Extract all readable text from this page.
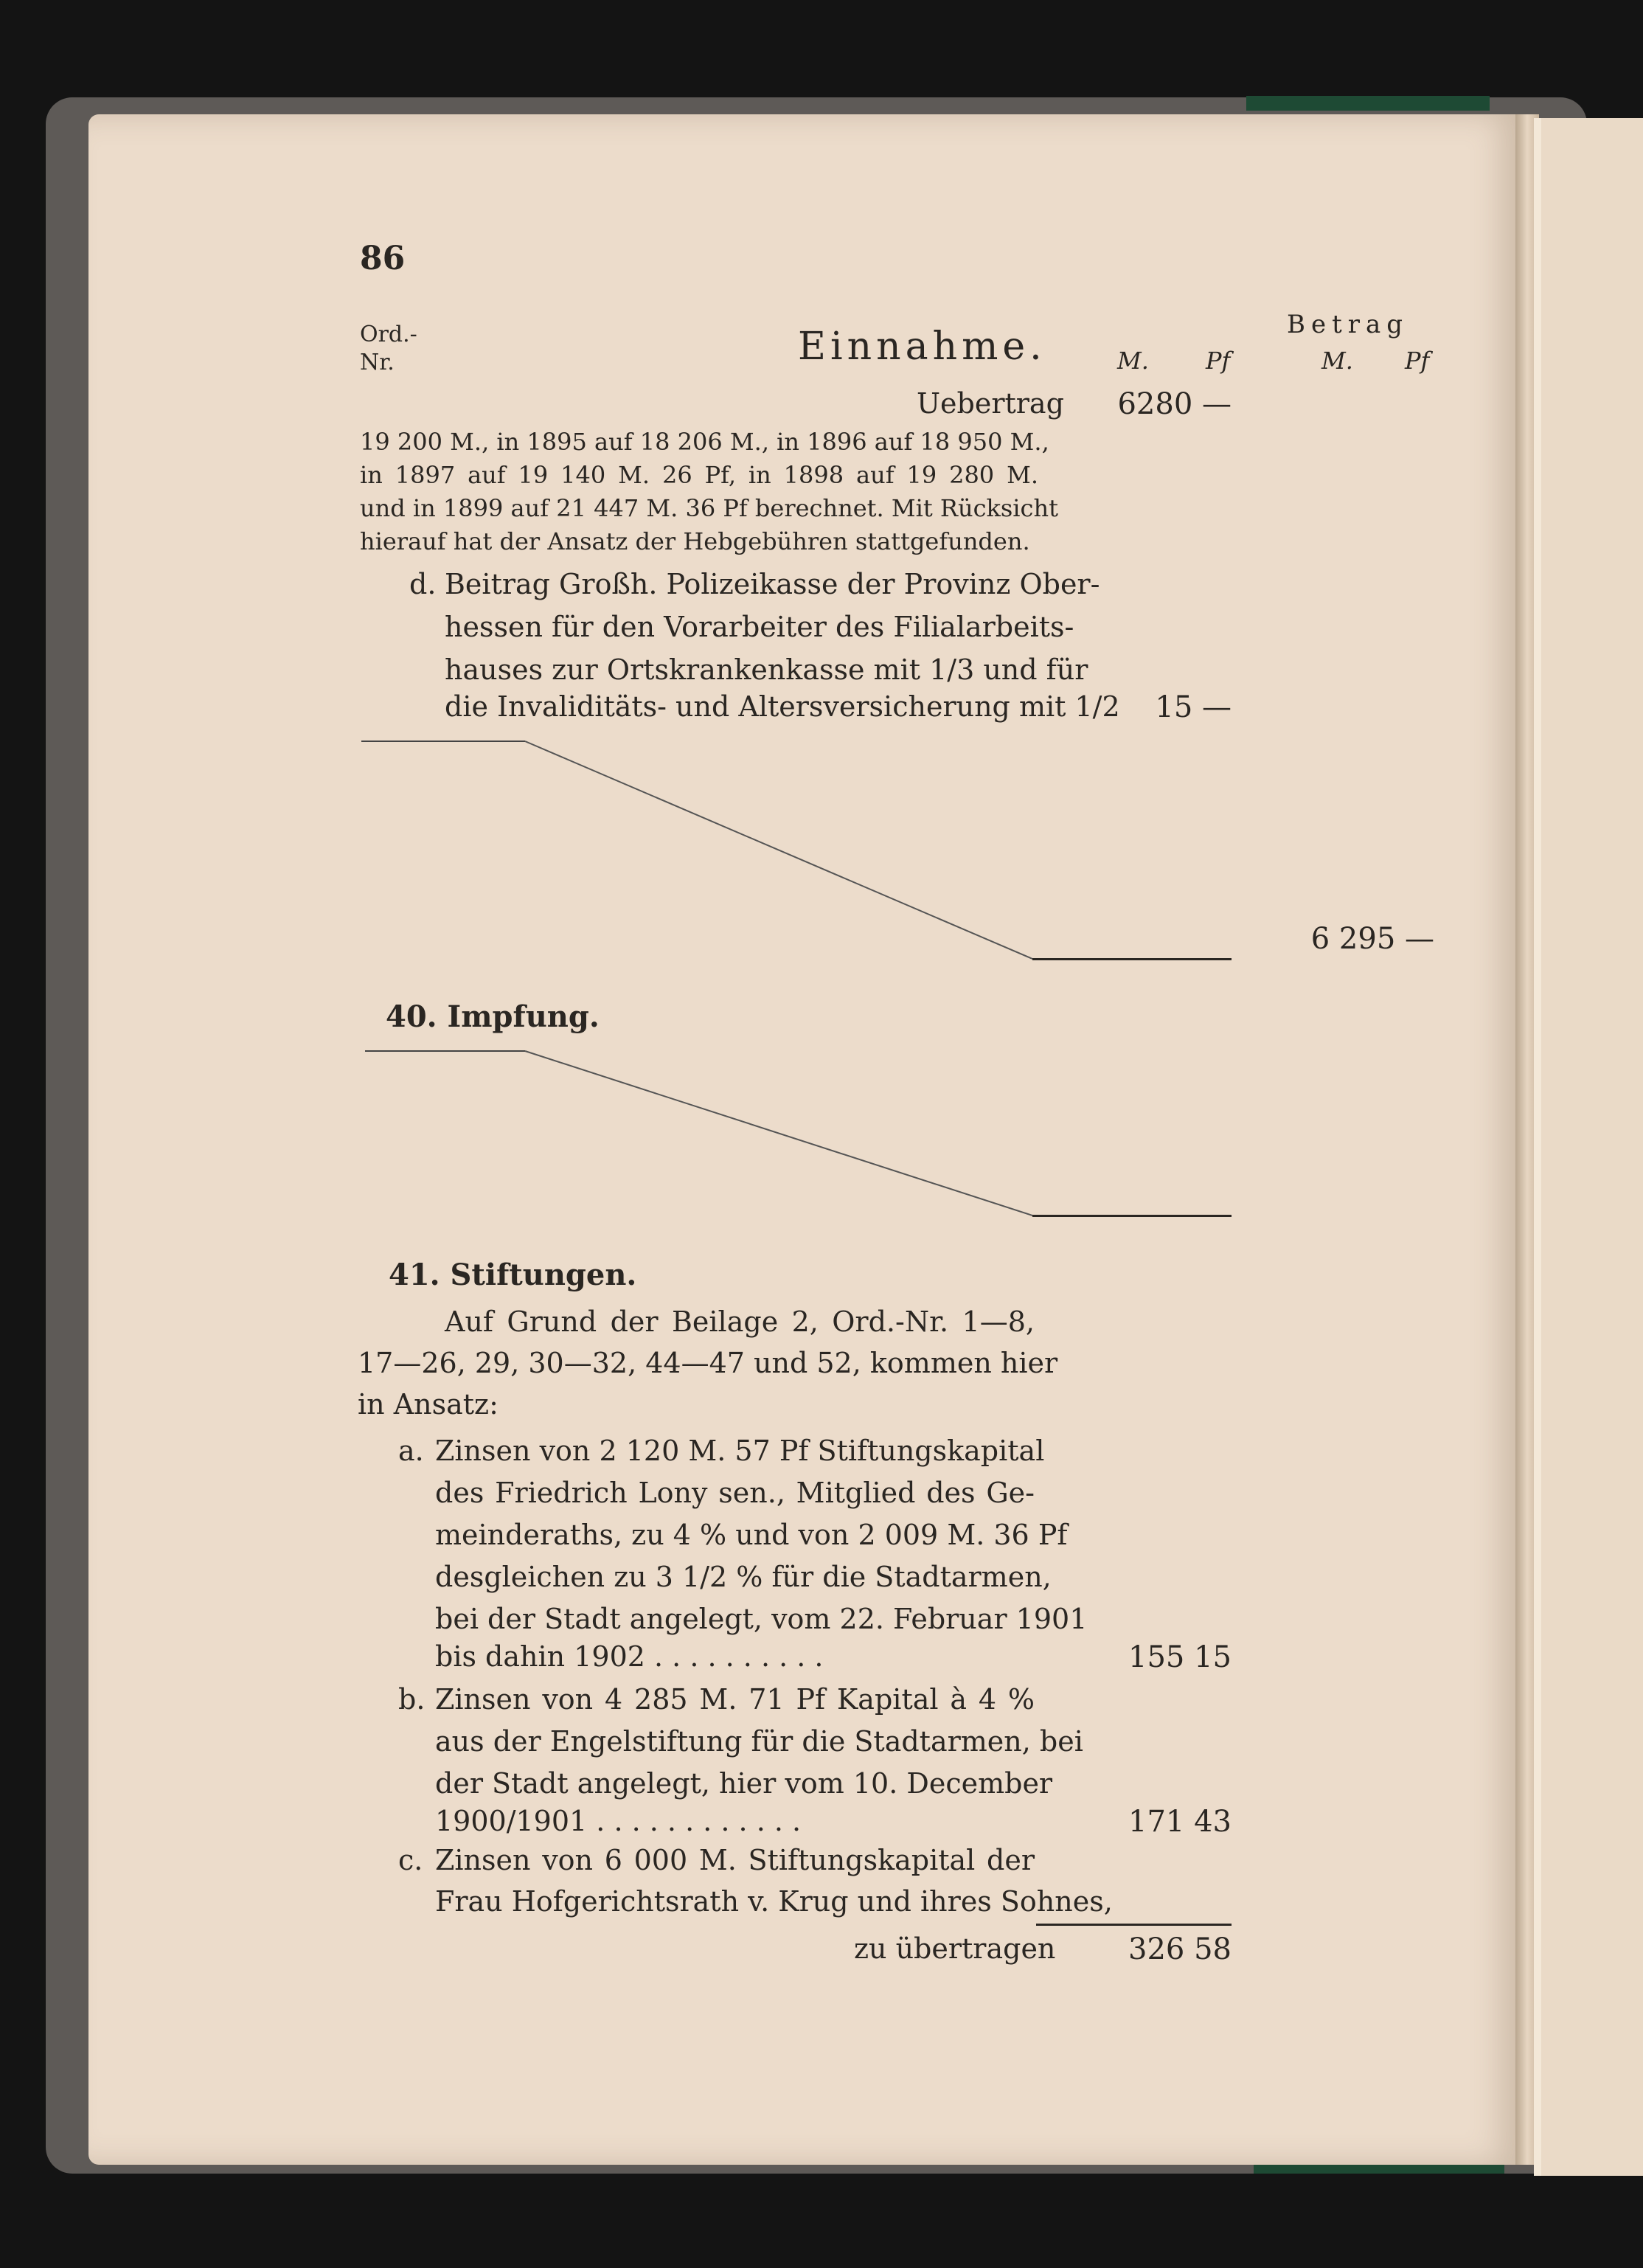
86
Ord.-
Nr.	Einnahme.	Betrag
M. Pf	M. Pf
Uebertrag	6280 —
19 200 M., in 1895 auf 18 206 M., in 1896 auf 18 950 M.,
in 1897 auf 19 140 M. 26 Pf, in 1898 auf 19 280 M.
und in 1899 auf 21 447 M. 36 Pf berechnet. Mit Rücksicht
hierauf hat der Ansatz der Hebgebühren stattgefunden.
d. Beitrag Großh. Polizeikasse der Provinz Ober-
hessen für den Vorarbeiter des Filialarbeits-
hauses zur Ortskrankenkasse mit 1/3 und für
die Invaliditäts- und Altersversicherung mit 1/2	15 —
6 295 —
40. Impfung.
41. Stiftungen.
Auf Grund der Beilage 2, Ord.-Nr. 1—8,
17—26, 29, 30—32, 44—47 und 52, kommen hier
in Ansatz:
a. Zinsen von 2 120 M. 57 Pf Stiftungskapital
des Friedrich Lony sen., Mitglied des Ge-
meinderaths, zu 4 % und von 2 009 M. 36 Pf
desgleichen zu 3 1/2 % für die Stadtarmen,
bei der Stadt angelegt, vom 22. Februar 1901
bis dahin 1902 . . . . . . . . . .	155 15
b. Zinsen von 4 285 M. 71 Pf Kapital à 4 %
aus der Engelstiftung für die Stadtarmen, bei
der Stadt angelegt, hier vom 10. December
1900/1901 . . . . . . . . . . . .	171 43
c. Zinsen von 6 000 M. Stiftungskapital der
Frau Hofgerichtsrath v. Krug und ihres Sohnes,
zu übertragen	326 58
